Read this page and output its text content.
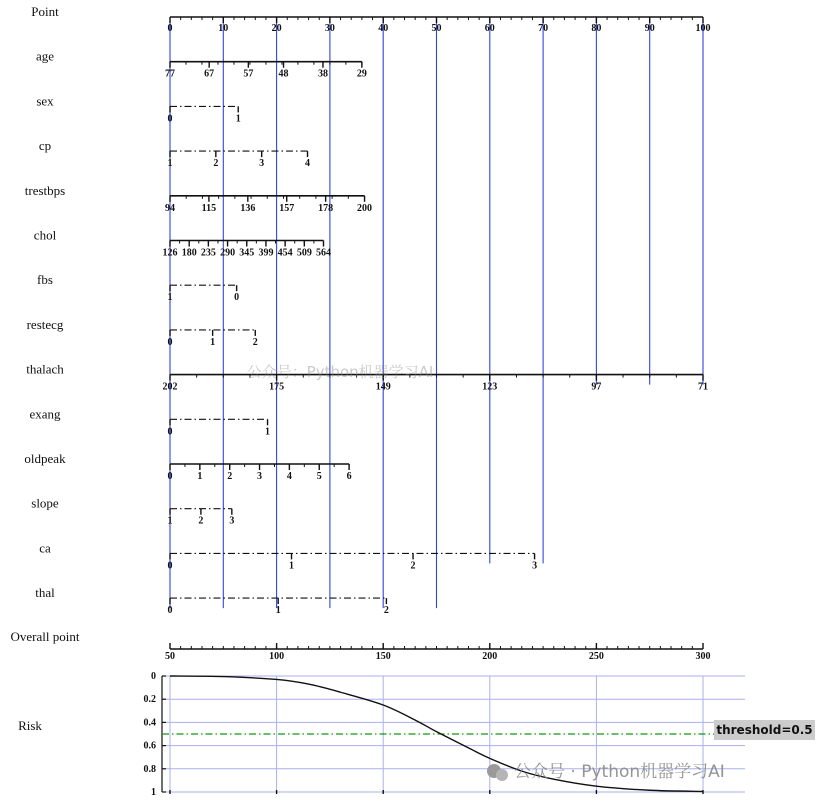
0	10	20	30	40	50	60	70	80	90	100
77	67	57	48	38	29
0	1
1	2	3	4
94	115 136 157 178 200
126 180 235 290 345 399 454 509 564
1	0
0	1	2
202	175	149	123	97	71
0	1
0 1 2 3 4 5 6
1	2	3
0	1	2	3
0	1	2
50	100	150	200	250	300
Point
age
sex
cp
trestbps
chol
fbs
restecg
thalach
exang
oldpeak
slope
ca
thal
Overall point
Risk
0
0.2
0.4
0.6
0.8
1
threshold=0.5
公众号：Python机器学习AI
公众号 · Python机器学习AI
